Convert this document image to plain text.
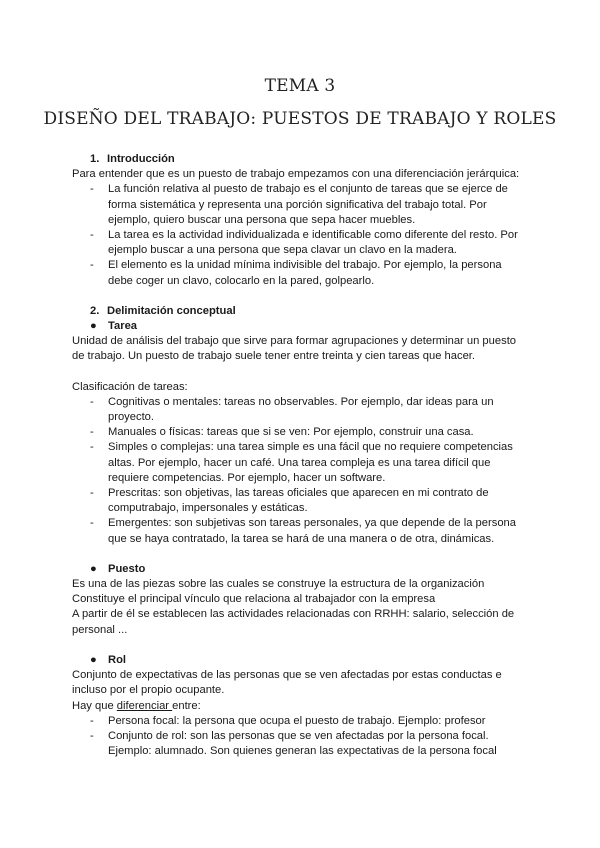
TEMA 3
DISEÑO DEL TRABAJO: PUESTOS DE TRABAJO Y ROLES

1. Introducción

Para entender que es un puesto de trabajo empezamos con una diferenciación jerárquica:

- La función relativa al puesto de trabajo es el conjunto de tareas que se ejerce de forma sistemática y representa una porción significativa del trabajo total. Por ejemplo, quiero buscar una persona que sepa hacer muebles.
- La tarea es la actividad individualizada e identificable como diferente del resto. Por ejemplo buscar a una persona que sepa clavar un clavo en la madera.
- El elemento es la unidad mínima indivisible del trabajo. Por ejemplo, la persona debe coger un clavo, colocarlo en la pared, golpearlo.

2. Delimitación conceptual

● Tarea

Unidad de análisis del trabajo que sirve para formar agrupaciones y determinar un puesto de trabajo. Un puesto de trabajo suele tener entre treinta y cien tareas que hacer.

Clasificación de tareas:

- Cognitivas o mentales: tareas no observables. Por ejemplo, dar ideas para un proyecto.
- Manuales o físicas: tareas que si se ven: Por ejemplo, construir una casa.
- Simples o complejas: una tarea simple es una fácil que no requiere competencias altas. Por ejemplo, hacer un café. Una tarea compleja es una tarea difícil que requiere competencias. Por ejemplo, hacer un software.
- Prescritas: son objetivas, las tareas oficiales que aparecen en mi contrato de computrabajo, impersonales y estáticas.
- Emergentes: son subjetivas son tareas personales, ya que depende de la persona que se haya contratado, la tarea se hará de una manera o de otra, dinámicas.

● Puesto

Es una de las piezas sobre las cuales se construye la estructura de la organización

Constituye el principal vínculo que relaciona al trabajador con la empresa

A partir de él se establecen las actividades relacionadas con RRHH: salario, selección de personal ...

● Rol

Conjunto de expectativas de las personas que se ven afectadas por estas conductas e incluso por el propio ocupante.

Hay que diferenciar entre:

- Persona focal: la persona que ocupa el puesto de trabajo. Ejemplo: profesor
- Conjunto de rol: son las personas que se ven afectadas por la persona focal. Ejemplo: alumnado. Son quienes generan las expectativas de la persona focal
